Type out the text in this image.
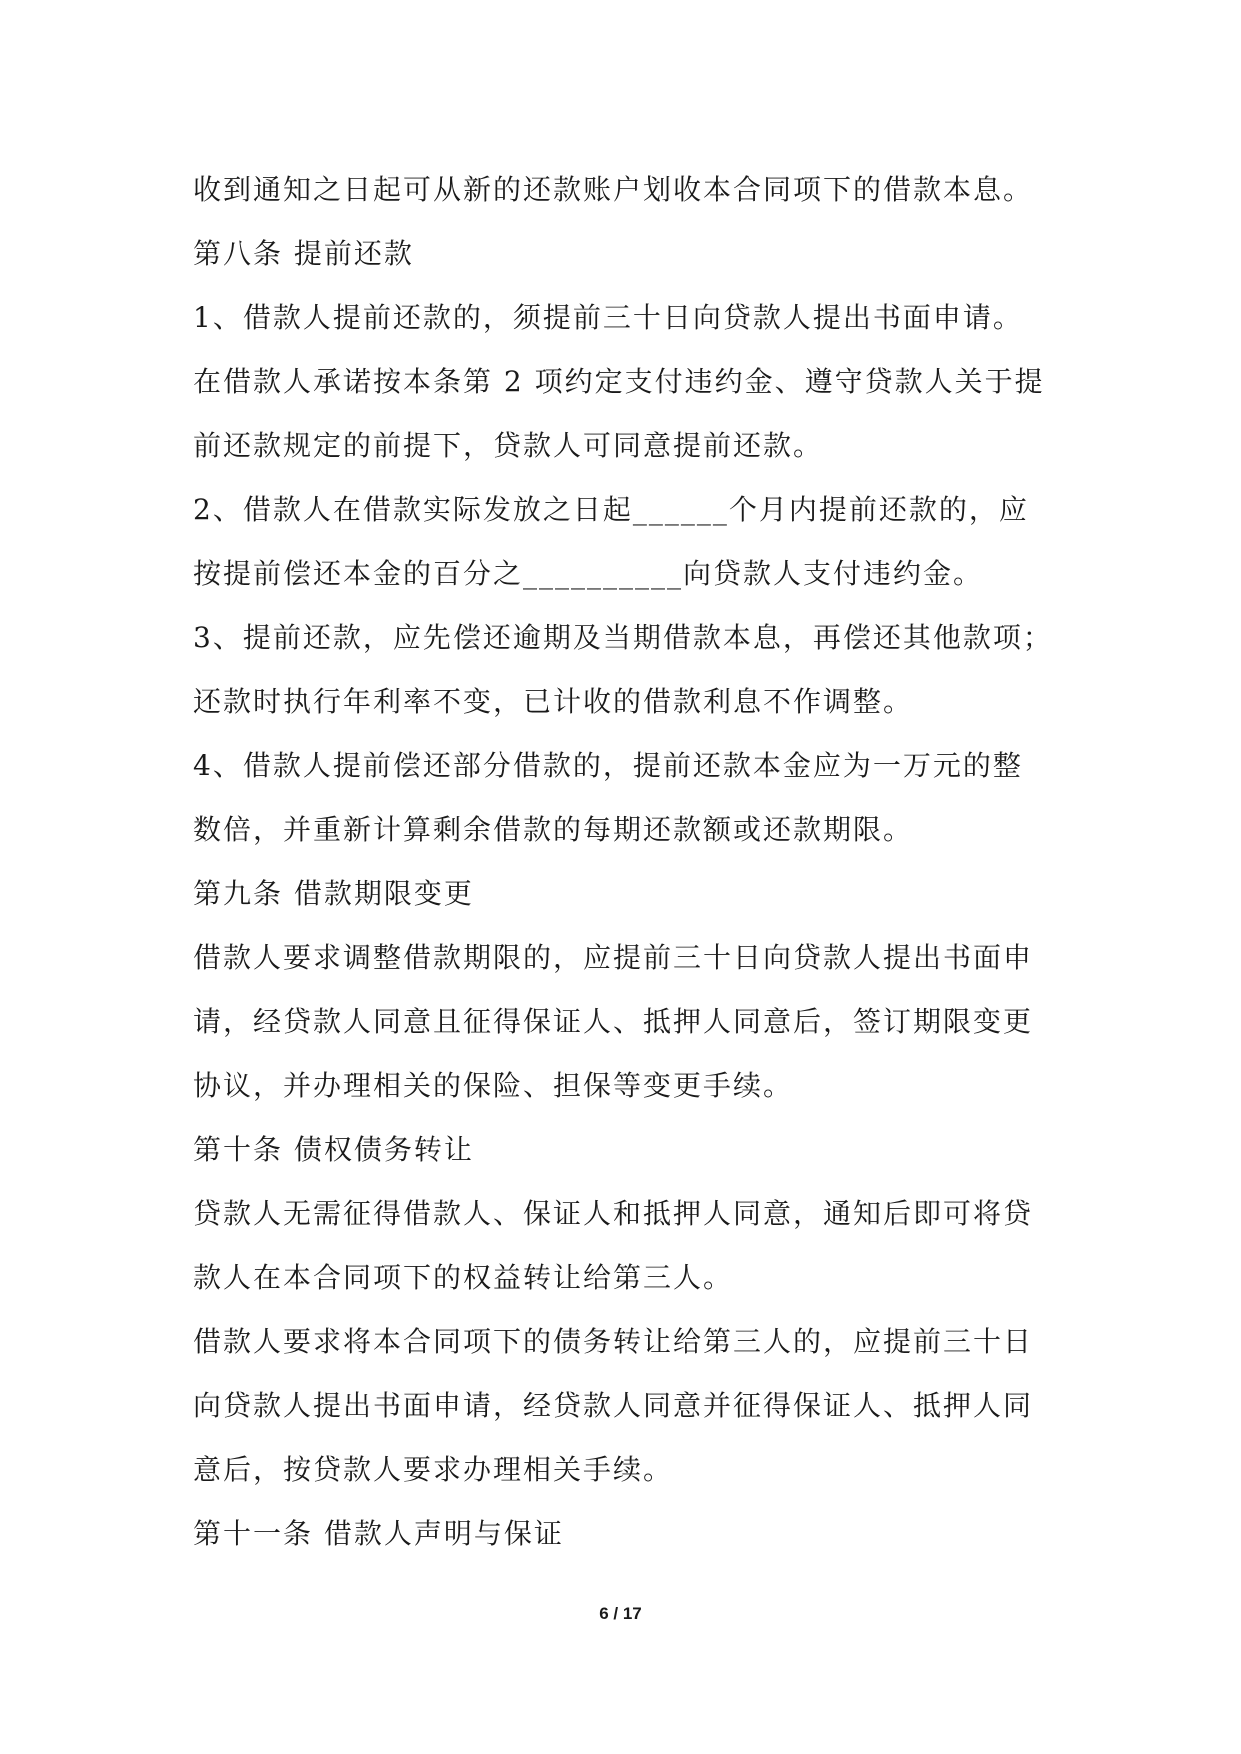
收到通知之日起可从新的还款账户划收本合同项下的借款本息。
第八条 提前还款
1、借款人提前还款的，须提前三十日向贷款人提出书面申请。
在借款人承诺按本条第 2 项约定支付违约金、遵守贷款人关于提
前还款规定的前提下，贷款人可同意提前还款。
2、借款人在借款实际发放之日起______个月内提前还款的，应
按提前偿还本金的百分之__________向贷款人支付违约金。
3、提前还款，应先偿还逾期及当期借款本息，再偿还其他款项；
还款时执行年利率不变，已计收的借款利息不作调整。
4、借款人提前偿还部分借款的，提前还款本金应为一万元的整
数倍，并重新计算剩余借款的每期还款额或还款期限。
第九条 借款期限变更
借款人要求调整借款期限的，应提前三十日向贷款人提出书面申
请，经贷款人同意且征得保证人、抵押人同意后，签订期限变更
协议，并办理相关的保险、担保等变更手续。
第十条 债权债务转让
贷款人无需征得借款人、保证人和抵押人同意，通知后即可将贷
款人在本合同项下的权益转让给第三人。
借款人要求将本合同项下的债务转让给第三人的，应提前三十日
向贷款人提出书面申请，经贷款人同意并征得保证人、抵押人同
意后，按贷款人要求办理相关手续。
第十一条 借款人声明与保证
6 / 17
